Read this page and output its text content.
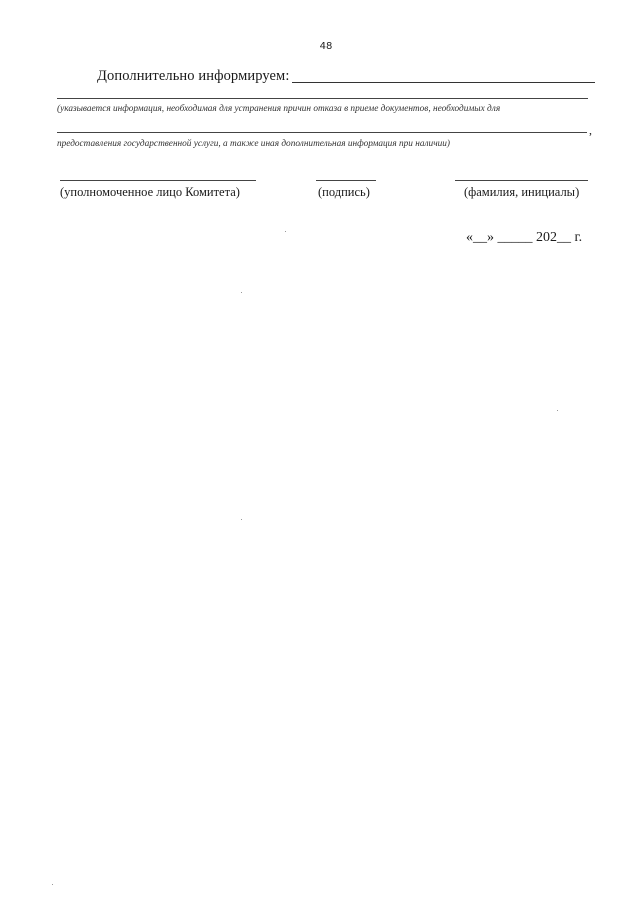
48
Дополнительно информируем:
(указывается информация, необходимая для устранения причин отказа в приеме документов, необходимых для
,
предоставления государственной услуги, а также иная дополнительная информация при наличии)
(уполномоченное лицо Комитета)	(подпись)	(фамилия, инициалы)
«__» _____ 202__ г.
